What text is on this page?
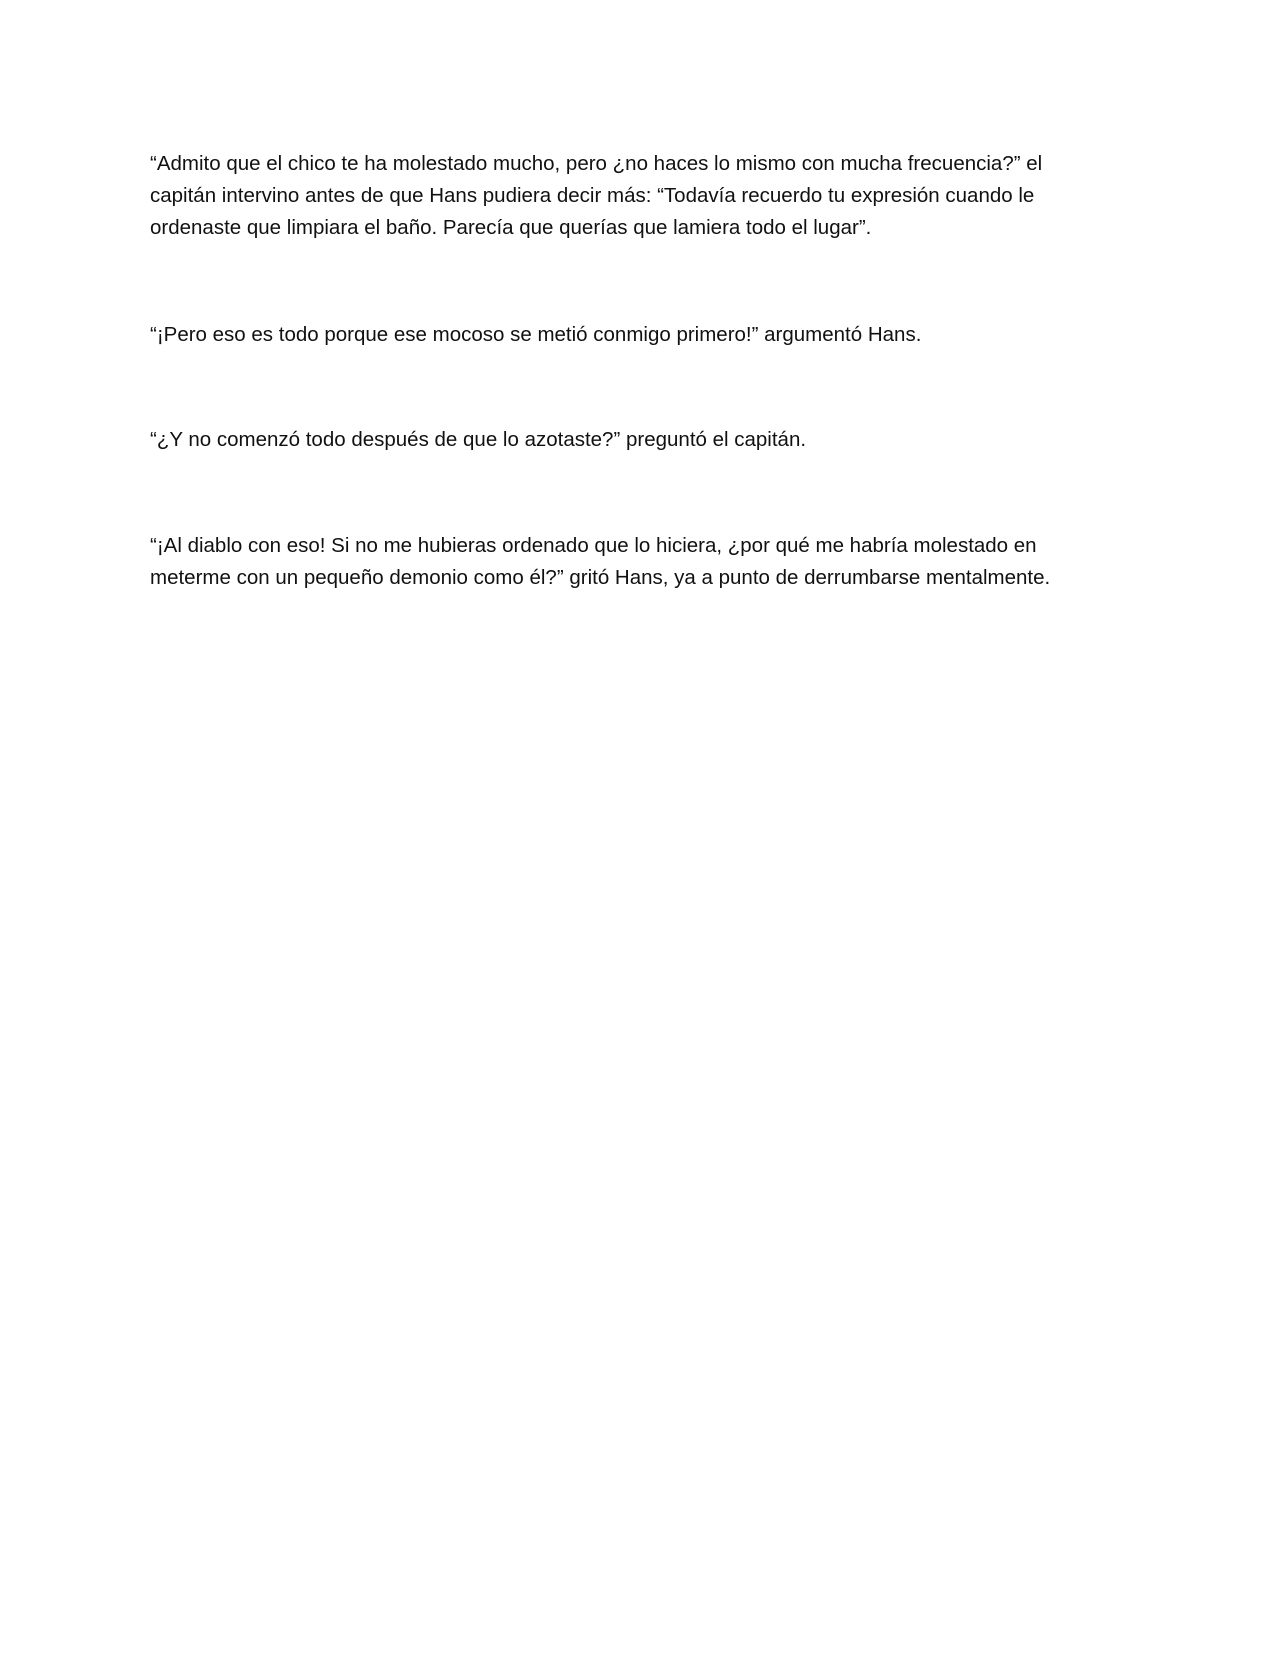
“Admito que el chico te ha molestado mucho, pero ¿no haces lo mismo con mucha frecuencia?” el
capitán intervino antes de que Hans pudiera decir más: “Todavía recuerdo tu expresión cuando le
ordenaste que limpiara el baño. Parecía que querías que lamiera todo el lugar”.

“¡Pero eso es todo porque ese mocoso se metió conmigo primero!” argumentó Hans.

“¿Y no comenzó todo después de que lo azotaste?” preguntó el capitán.

“¡Al diablo con eso! Si no me hubieras ordenado que lo hiciera, ¿por qué me habría molestado en
meterme con un pequeño demonio como él?” gritó Hans, ya a punto de derrumbarse mentalmente.
